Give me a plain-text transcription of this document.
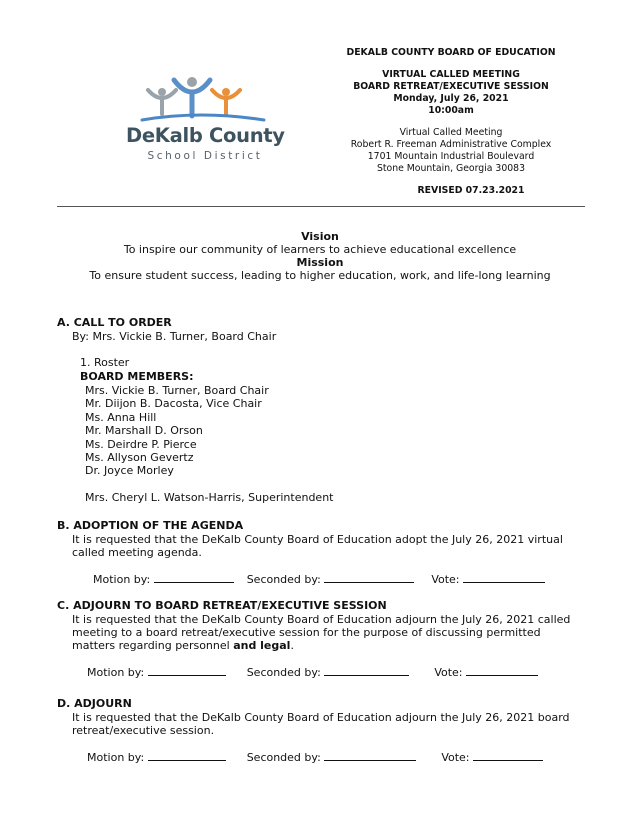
DeKalb County
School District
DEKALB COUNTY BOARD OF EDUCATION
VIRTUAL CALLED MEETING
BOARD RETREAT/EXECUTIVE SESSION
Monday, July 26, 2021
10:00am
Virtual Called Meeting
Robert R. Freeman Administrative Complex
1701 Mountain Industrial Boulevard
Stone Mountain, Georgia 30083
REVISED 07.23.2021
Vision
To inspire our community of learners to achieve educational excellence
Mission
To ensure student success, leading to higher education, work, and life-long learning
A. CALL TO ORDER
By: Mrs. Vickie B. Turner, Board Chair
1. Roster
BOARD MEMBERS:
Mrs. Vickie B. Turner, Board Chair
Mr. Diijon B. Dacosta, Vice Chair
Ms. Anna Hill
Mr. Marshall D. Orson
Ms. Deirdre P. Pierce
Ms. Allyson Gevertz
Dr. Joyce Morley
Mrs. Cheryl L. Watson-Harris, Superintendent
B. ADOPTION OF THE AGENDA
It is requested that the DeKalb County Board of Education adopt the July 26, 2021 virtual
called meeting agenda.
Motion by:	Seconded by:	Vote:
C. ADJOURN TO BOARD RETREAT/EXECUTIVE SESSION
It is requested that the DeKalb County Board of Education adjourn the July 26, 2021 called
meeting to a board retreat/executive session for the purpose of discussing permitted
matters regarding personnel and legal.
Motion by:	Seconded by:	Vote:
D. ADJOURN
It is requested that the DeKalb County Board of Education adjourn the July 26, 2021 board
retreat/executive session.
Motion by:	Seconded by:	Vote:
